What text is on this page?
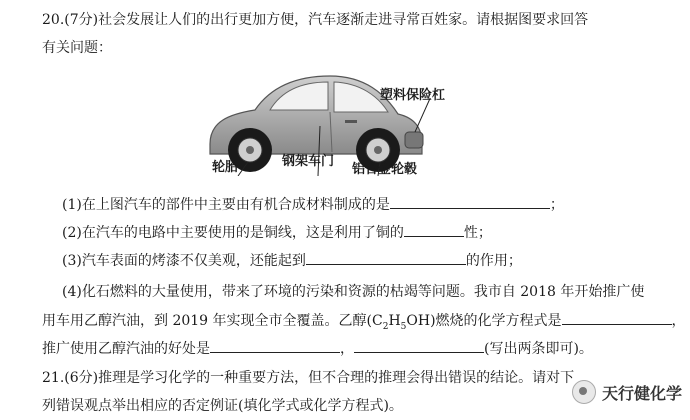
20.(7分)社会发展让人们的出行更加方便，汽车逐渐走进寻常百姓家。请根据图要求回答
有关问题：
塑料保险杠
轮胎	钢架车门
铝合金轮毂
(1)在上图汽车的部件中主要由有机合成材料制成的是	；
(2)在汽车的电路中主要使用的是铜线，这是利用了铜的	性；
(3)汽车表面的烤漆不仅美观，还能起到	的作用；
(4)化石燃料的大量使用，带来了环境的污染和资源的枯竭等问题。我市自 2018 年开始推广使
用车用乙醇汽油，到 2019 年实现全市全覆盖。乙醇$(C_2H_5OH)$燃烧的化学方程式是	，
推广使用乙醇汽油的好处是	，	(写出两条即可)。
21.(6分)推理是学习化学的一种重要方法，但不合理的推理会得出错误的结论。请对下
列错误观点举出相应的否定例证(填化学式或化学方程式)。
天行健化学
